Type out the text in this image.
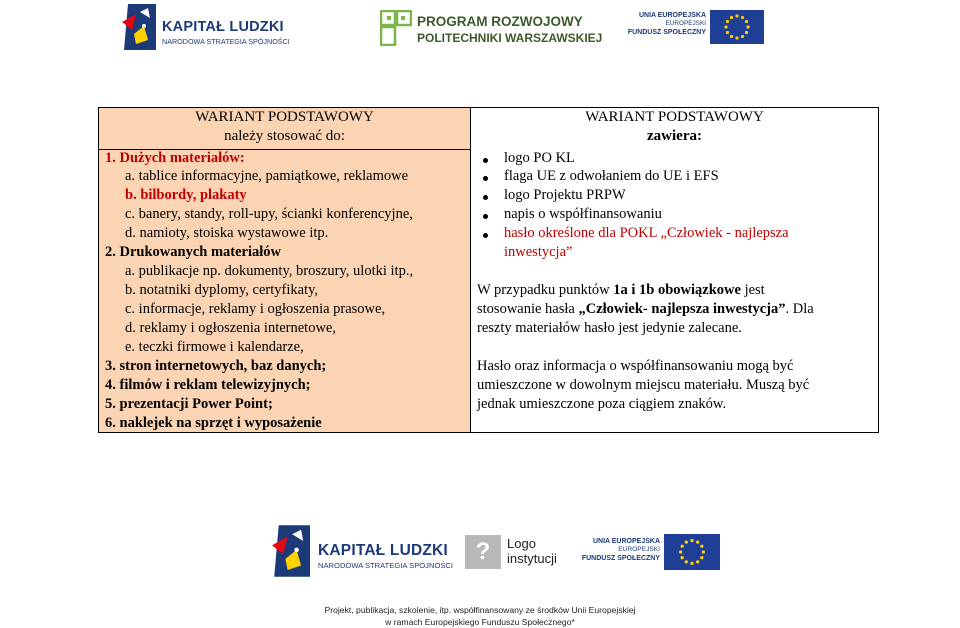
KAPITAŁ LUDZKI
NARODOWA STRATEGIA SPÓJNOŚCI
PROGRAM ROZWOJOWY
POLITECHNIKI WARSZAWSKIEJ
UNIA EUROPEJSKA
EUROPEJSKI
FUNDUSZ SPOŁECZNY
WARIANT PODSTAWOWY
należy stosować do:
1. Dużych materiałów:
a. tablice informacyjne, pamiątkowe, reklamowe
b. bilbordy, plakaty
c. banery, standy, roll-upy, ścianki konferencyjne,
d. namioty, stoiska wystawowe itp.
2. Drukowanych materiałów
a. publikacje np. dokumenty, broszury, ulotki itp.,
b. notatniki dyplomy, certyfikaty,
c. informacje, reklamy i ogłoszenia prasowe,
d. reklamy i ogłoszenia internetowe,
e. teczki firmowe i kalendarze,
3. stron internetowych, baz danych;
4. filmów i reklam telewizyjnych;
5. prezentacji Power Point;
6. naklejek na sprzęt i wyposażenie
WARIANT PODSTAWOWY
zawiera:
logo PO KL
flaga UE z odwołaniem do UE i EFS
logo Projektu PRPW
napis o współfinansowaniu
hasło określone dla POKL „Człowiek - najlepsza
inwestycja”
W przypadku punktów 1a i 1b obowiązkowe jest
stosowanie hasła „Człowiek- najlepsza inwestycja”. Dla
reszty materiałów hasło jest jedynie zalecane.
Hasło oraz informacja o współfinansowaniu mogą być
umieszczone w dowolnym miejscu materiału. Muszą być
jednak umieszczone poza ciągiem znaków.
KAPITAŁ LUDZKI
NARODOWA STRATEGIA SPÓJNOŚCI
?	Logo
instytucji
UNIA EUROPEJSKA
EUROPEJSKI
FUNDUSZ SPOŁECZNY
Projekt, publikacja, szkolenie, itp. współfinansowany ze środków Unii Europejskiej
w ramach Europejskiego Funduszu Społecznego*
